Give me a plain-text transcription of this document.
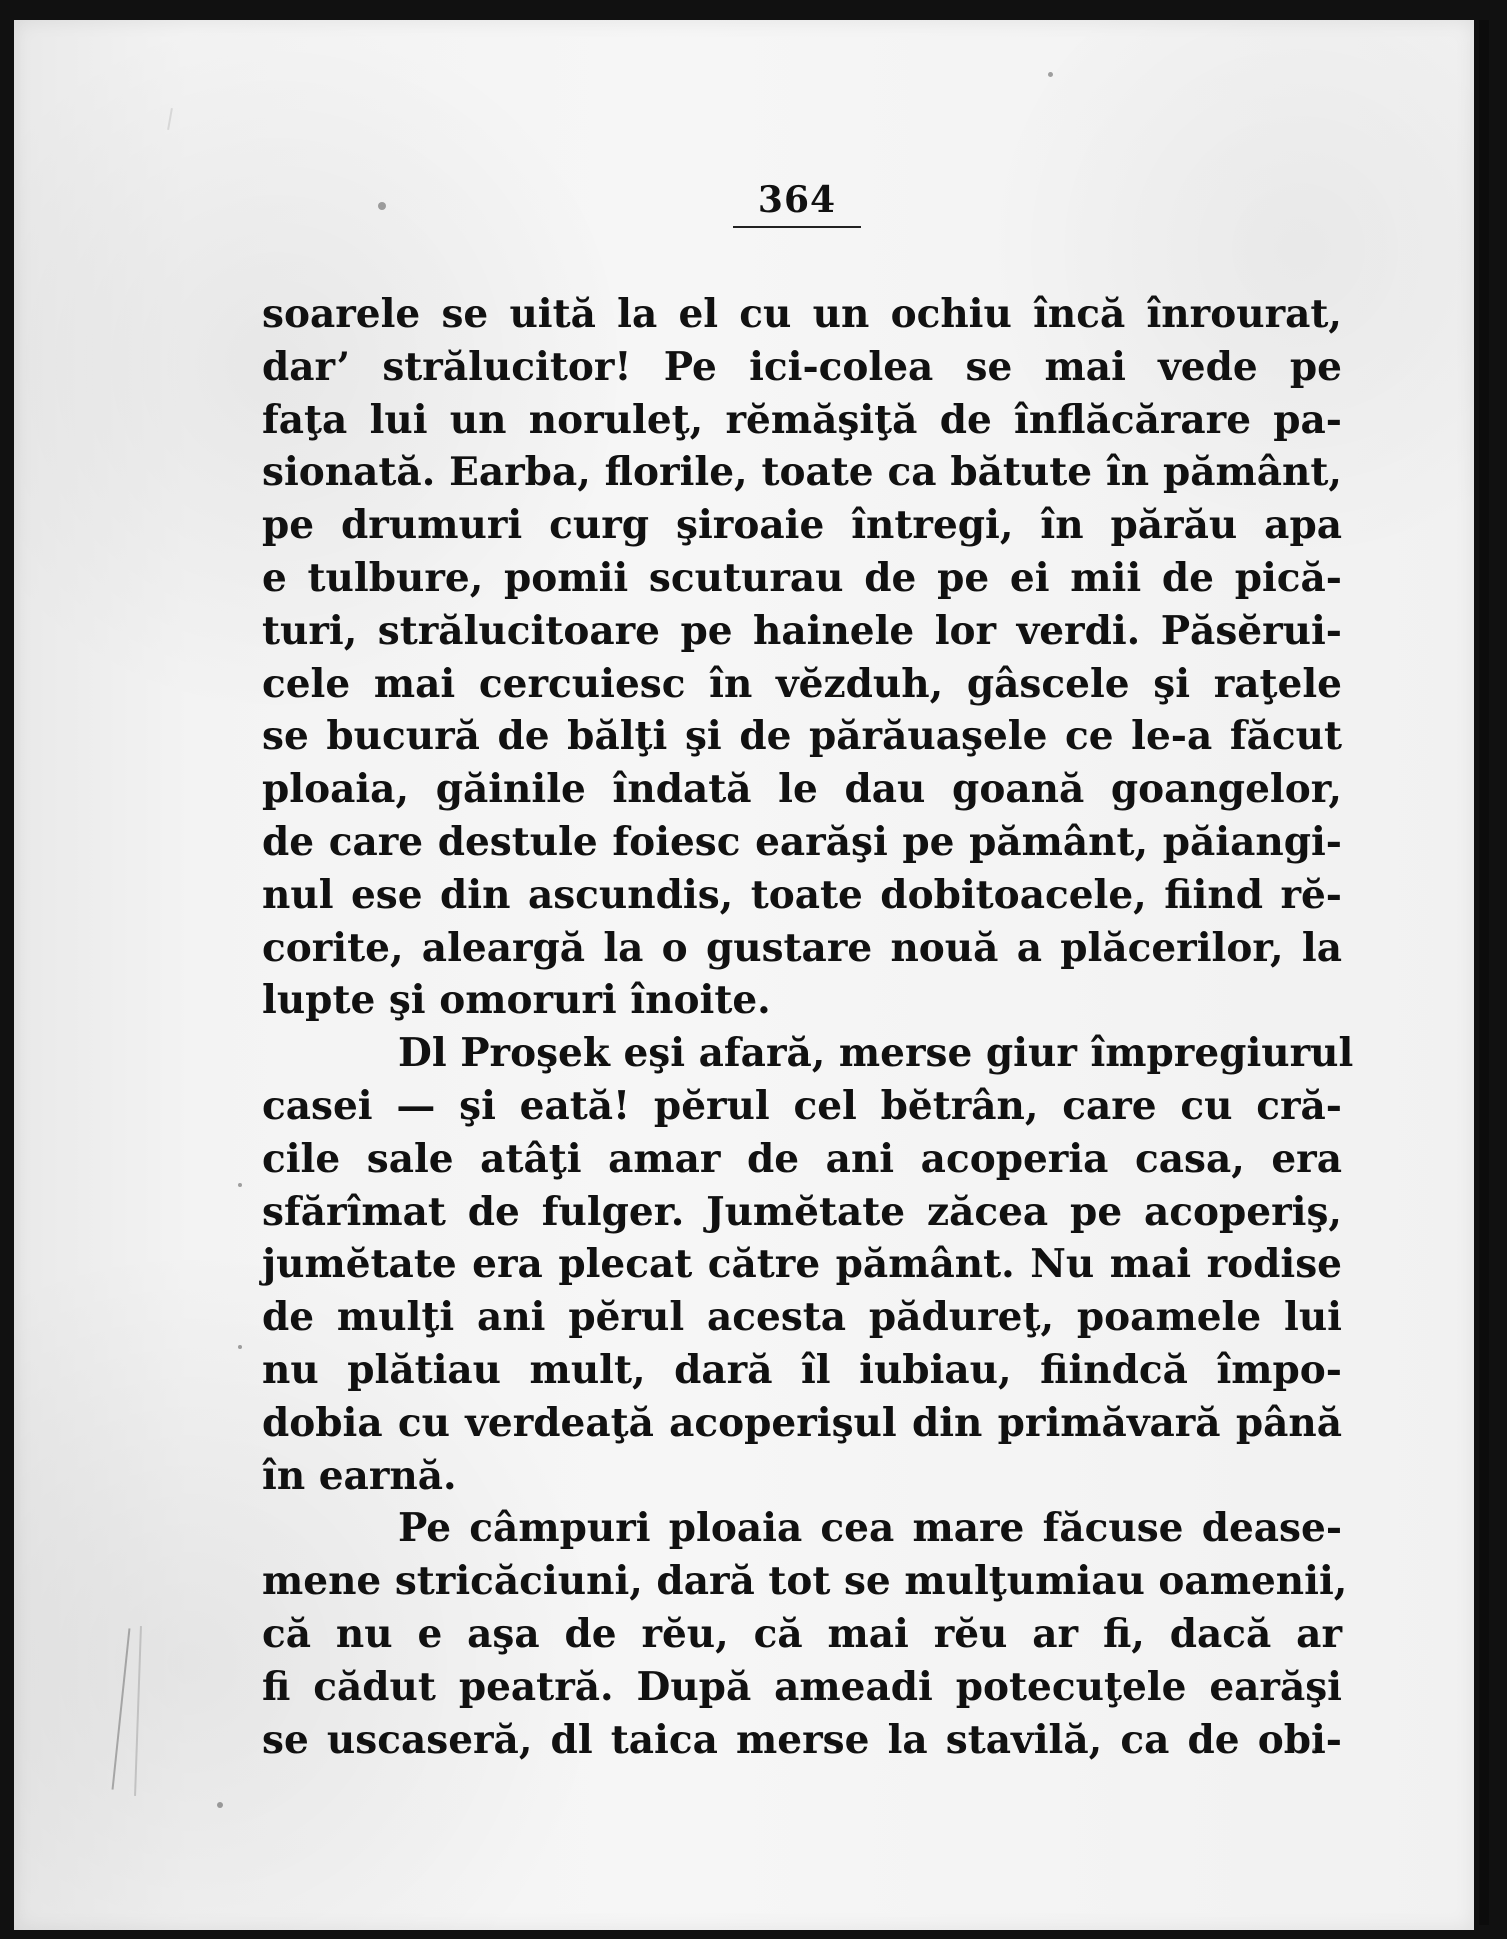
364
soarele se uită la el cu un ochiu încă înrourat,
dar’ strălucitor! Pe ici-colea se mai vede pe
faţa lui un noruleţ, rĕmăşiţă de înflăcărare pa-
sionată. Earba, florile, toate ca bătute în pământ,
pe drumuri curg şiroaie întregi, în părău apa
e tulbure, pomii scuturau de pe ei mii de pică-
turi, strălucitoare pe hainele lor verdi. Păsĕrui-
cele mai cercuiesc în vĕzduh, gâscele şi raţele
se bucură de bălţi şi de părăuaşele ce le-a făcut
ploaia, găinile îndată le dau goană goangelor,
de care destule foiesc earăşi pe pământ, păiangi-
nul ese din ascundis, toate dobitoacele, fiind rĕ-
corite, aleargă la o gustare nouă a plăcerilor, la
lupte şi omoruri înoite.
Dl Proşek eşi afară, merse giur împregiurul
casei — şi eată! pĕrul cel bĕtrân, care cu cră-
cile sale atâţi amar de ani acoperia casa, era
sfărîmat de fulger. Jumĕtate zăcea pe acoperiş,
jumĕtate era plecat către pământ. Nu mai rodise
de mulţi ani pĕrul acesta pădureţ, poamele lui
nu plătiau mult, dară îl iubiau, fiindcă împo-
dobia cu verdeaţă acoperişul din primăvară până
în earnă.
Pe câmpuri ploaia cea mare făcuse dease-
mene stricăciuni, dară tot se mulţumiau oamenii,
că nu e aşa de rĕu, că mai rĕu ar fi, dacă ar
fi cădut peatră. După ameadi potecuţele earăşi
se uscaseră, dl taica merse la stavilă, ca de obi-
